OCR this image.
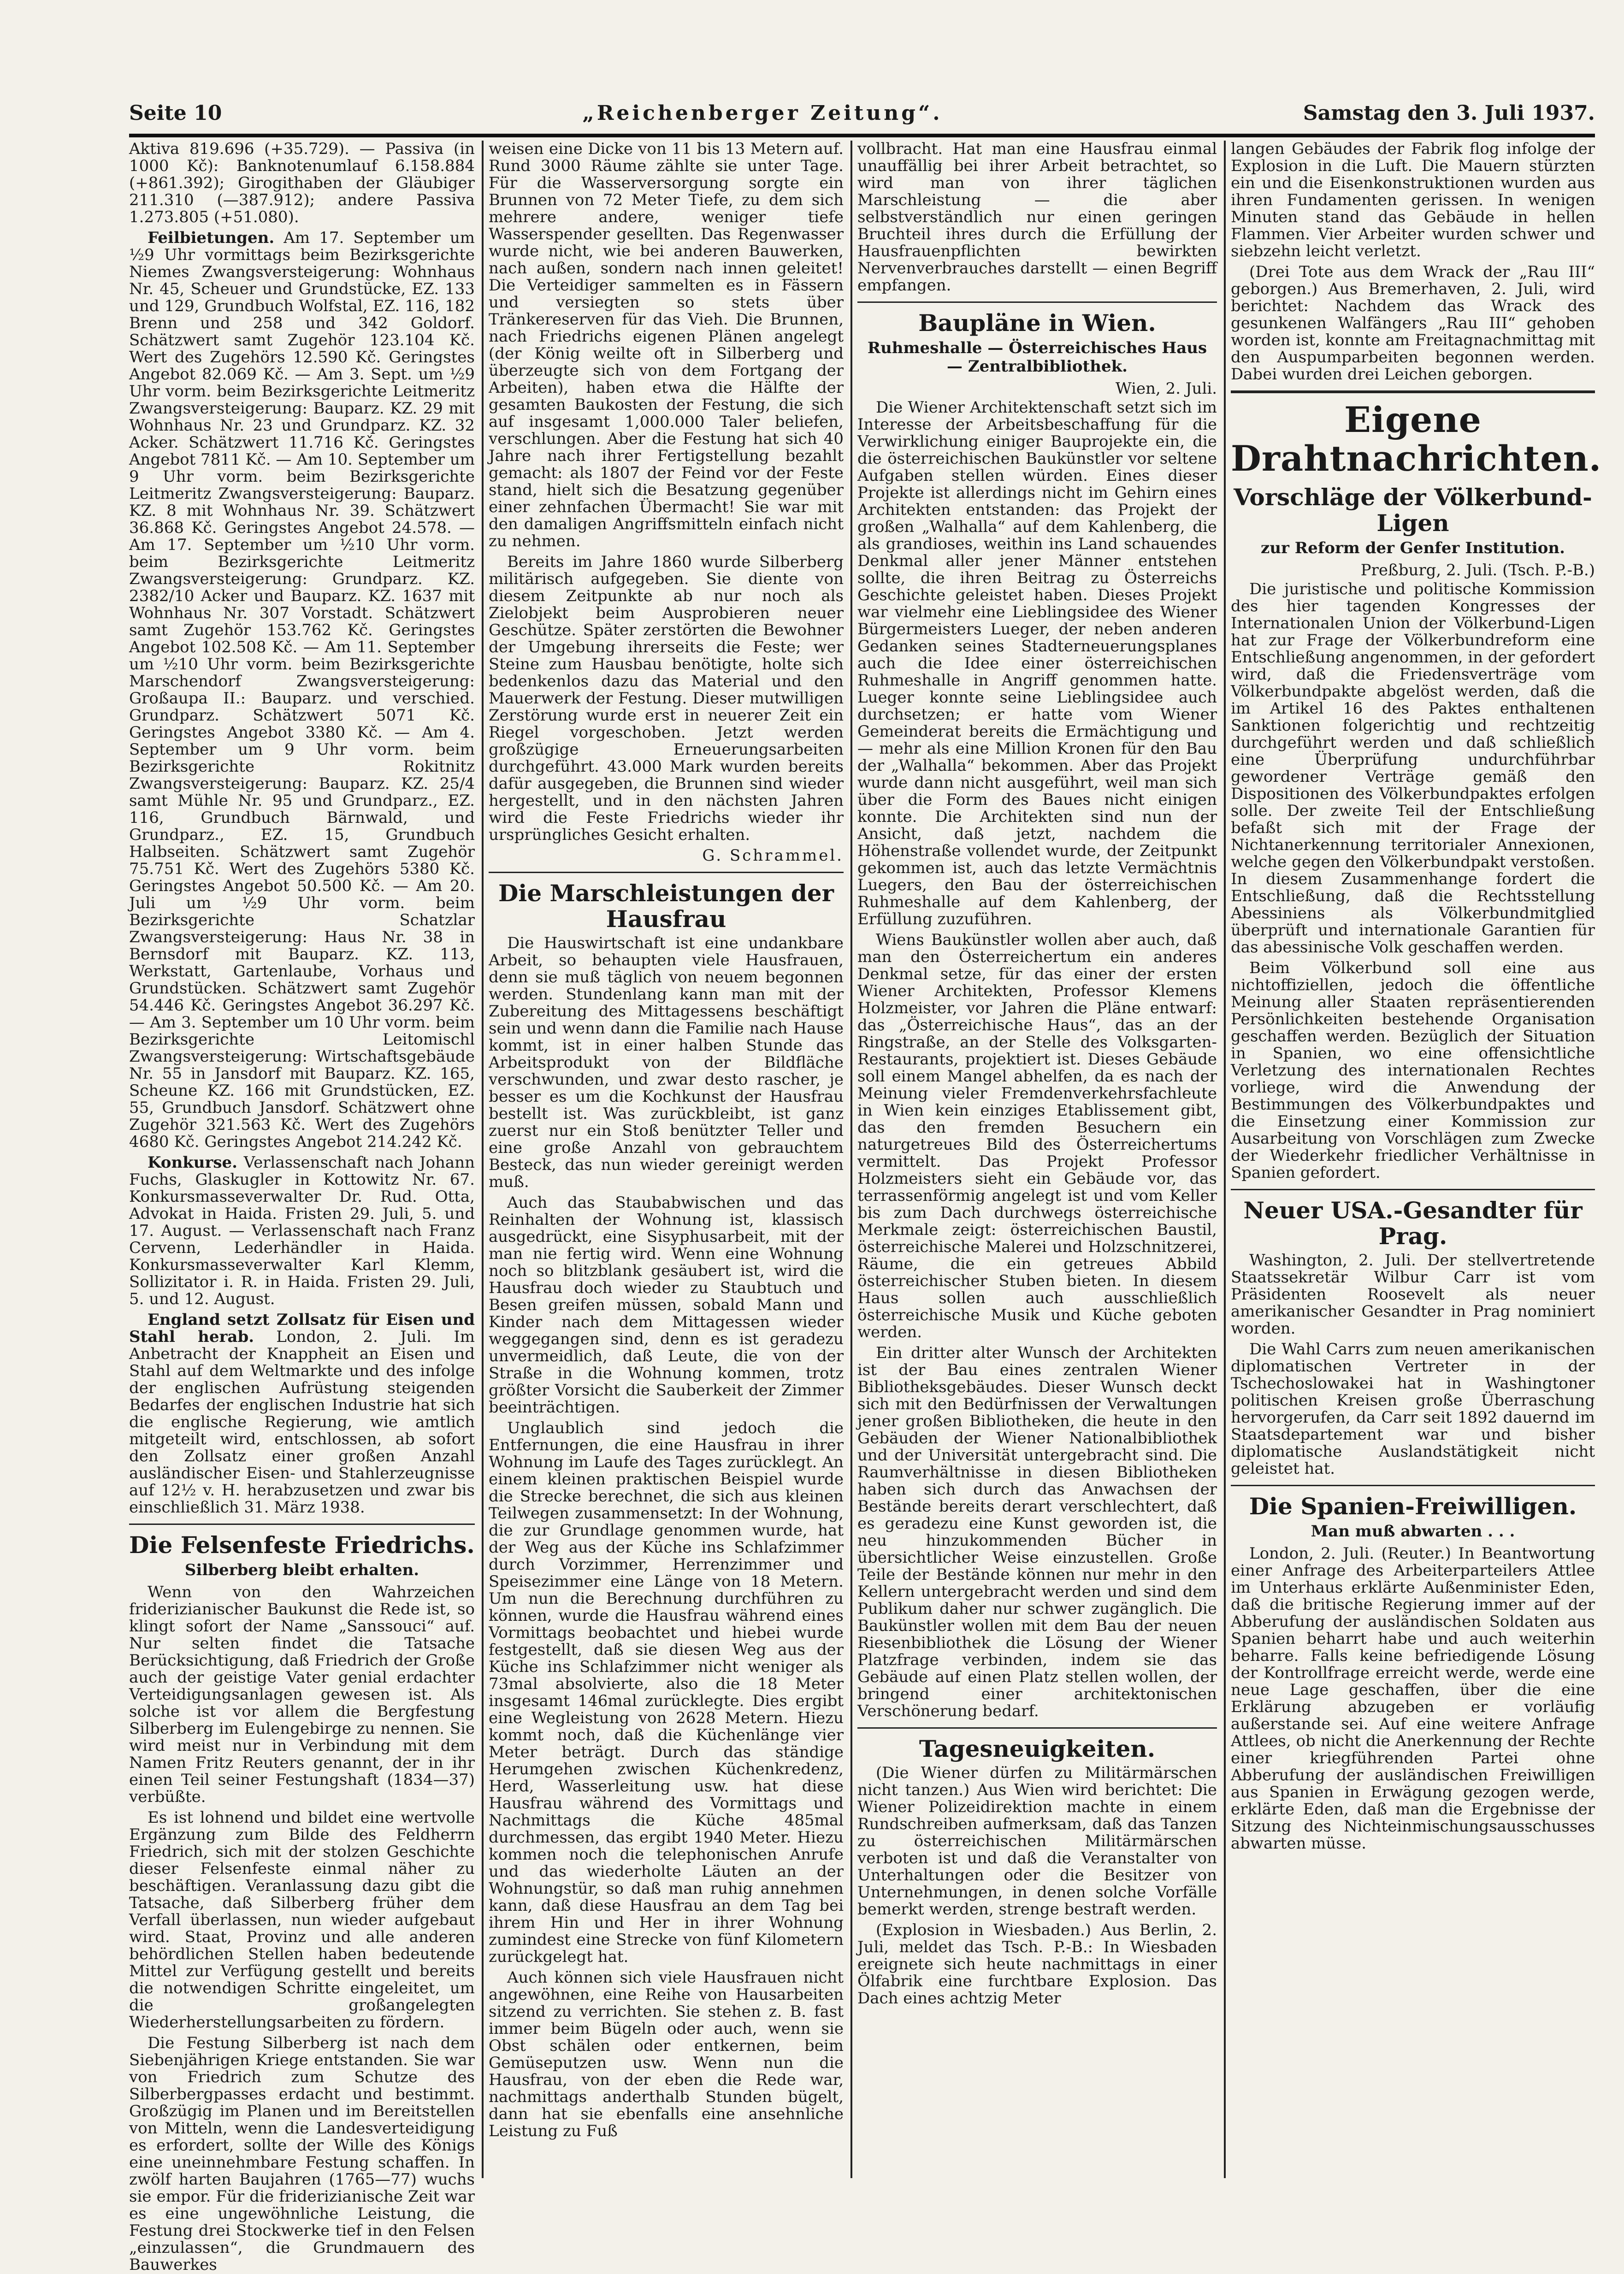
Seite 10	„Reichenberger Zeitung“.	Samstag den 3. Juli 1937.

Aktiva 819.696 (+35.729). — Passiva (in 1000 Kč): Banknotenumlauf 6.158.884 (+861.392); Girogithaben der Gläubiger 211.310 (—387.912); andere Passiva 1.273.805 (+51.080).

Feilbietungen. Am 17. September um ½9 Uhr vormittags beim Bezirksgerichte Niemes Zwangsversteigerung: Wohnhaus Nr. 45, Scheuer und Grundstücke, EZ. 133 und 129, Grundbuch Wolfstal, EZ. 116, 182 Brenn und 258 und 342 Goldorf. Schätzwert samt Zugehör 123.104 Kč. Wert des Zugehörs 12.590 Kč. Geringstes Angebot 82.069 Kč. — Am 3. Sept. um ½9 Uhr vorm. beim Bezirksgerichte Leitmeritz Zwangsversteigerung: Bauparz. KZ. 29 mit Wohnhaus Nr. 23 und Grundparz. KZ. 32 Acker. Schätzwert 11.716 Kč. Geringstes Angebot 7811 Kč. — Am 10. September um 9 Uhr vorm. beim Bezirksgerichte Leitmeritz Zwangsversteigerung: Bauparz. KZ. 8 mit Wohnhaus Nr. 39. Schätzwert 36.868 Kč. Geringstes Angebot 24.578. — Am 17. September um ½10 Uhr vorm. beim Bezirksgerichte Leitmeritz Zwangsversteigerung: Grundparz. KZ. 2382/10 Acker und Bauparz. KZ. 1637 mit Wohnhaus Nr. 307 Vorstadt. Schätzwert samt Zugehör 153.762 Kč. Geringstes Angebot 102.508 Kč. — Am 11. September um ½10 Uhr vorm. beim Bezirksgerichte Marschendorf Zwangsversteigerung: Großaupa II.: Bauparz. und verschied. Grundparz. Schätzwert 5071 Kč. Geringstes Angebot 3380 Kč. — Am 4. September um 9 Uhr vorm. beim Bezirksgerichte Rokitnitz Zwangsversteigerung: Bauparz. KZ. 25/4 samt Mühle Nr. 95 und Grundparz., EZ. 116, Grundbuch Bärnwald, und Grundparz., EZ. 15, Grundbuch Halbseiten. Schätzwert samt Zugehör 75.751 Kč. Wert des Zugehörs 5380 Kč. Geringstes Angebot 50.500 Kč. — Am 20. Juli um ½9 Uhr vorm. beim Bezirksgerichte Schatzlar Zwangsversteigerung: Haus Nr. 38 in Bernsdorf mit Bauparz. KZ. 113, Werkstatt, Gartenlaube, Vorhaus und Grundstücken. Schätzwert samt Zugehör 54.446 Kč. Geringstes Angebot 36.297 Kč. — Am 3. September um 10 Uhr vorm. beim Bezirksgerichte Leitomischl Zwangsversteigerung: Wirtschaftsgebäude Nr. 55 in Jansdorf mit Bauparz. KZ. 165, Scheune KZ. 166 mit Grundstücken, EZ. 55, Grundbuch Jansdorf. Schätzwert ohne Zugehör 321.563 Kč. Wert des Zugehörs 4680 Kč. Geringstes Angebot 214.242 Kč.

Konkurse. Verlassenschaft nach Johann Fuchs, Glaskugler in Kottowitz Nr. 67. Konkursmasseverwalter Dr. Rud. Otta, Advokat in Haida. Fristen 29. Juli, 5. und 17. August. — Verlassenschaft nach Franz Cervenn, Lederhändler in Haida. Konkursmasseverwalter Karl Klemm, Sollizitator i. R. in Haida. Fristen 29. Juli, 5. und 12. August.

England setzt Zollsatz für Eisen und Stahl herab. London, 2. Juli. Im Anbetracht der Knappheit an Eisen und Stahl auf dem Weltmarkte und des infolge der englischen Aufrüstung steigenden Bedarfes der englischen Industrie hat sich die englische Regierung, wie amtlich mitgeteilt wird, entschlossen, ab sofort den Zollsatz einer großen Anzahl ausländischer Eisen- und Stahlerzeugnisse auf 12½ v. H. herabzusetzen und zwar bis einschließlich 31. März 1938.

Die Felsenfeste Friedrichs.
Silberberg bleibt erhalten.

Wenn von den Wahrzeichen friderizianischer Baukunst die Rede ist, so klingt sofort der Name „Sanssouci“ auf. Nur selten findet die Tatsache Berücksichtigung, daß Friedrich der Große auch der geistige Vater genial erdachter Verteidigungsanlagen gewesen ist. Als solche ist vor allem die Bergfestung Silberberg im Eulengebirge zu nennen. Sie wird meist nur in Verbindung mit dem Namen Fritz Reuters genannt, der in ihr einen Teil seiner Festungshaft (1834—37) verbüßte.

Es ist lohnend und bildet eine wertvolle Ergänzung zum Bilde des Feldherrn Friedrich, sich mit der stolzen Geschichte dieser Felsenfeste einmal näher zu beschäftigen. Veranlassung dazu gibt die Tatsache, daß Silberberg früher dem Verfall überlassen, nun wieder aufgebaut wird. Staat, Provinz und alle anderen behördlichen Stellen haben bedeutende Mittel zur Verfügung gestellt und bereits die notwendigen Schritte eingeleitet, um die großangelegten Wiederherstellungsarbeiten zu fördern.

Die Festung Silberberg ist nach dem Siebenjährigen Kriege entstanden. Sie war von Friedrich zum Schutze des Silberbergpasses erdacht und bestimmt. Großzügig im Planen und im Bereitstellen von Mitteln, wenn die Landesverteidigung es erfordert, sollte der Wille des Königs eine uneinnehmbare Festung schaffen. In zwölf harten Baujahren (1765—77) wuchs sie empor. Für die friderizianische Zeit war es eine ungewöhnliche Leistung, die Festung drei Stockwerke tief in den Felsen „einzulassen“, die Grundmauern des Bauwerkes

weisen eine Dicke von 11 bis 13 Metern auf. Rund 3000 Räume zählte sie unter Tage. Für die Wasserversorgung sorgte ein Brunnen von 72 Meter Tiefe, zu dem sich mehrere andere, weniger tiefe Wasserspender gesellten. Das Regenwasser wurde nicht, wie bei anderen Bauwerken, nach außen, sondern nach innen geleitet! Die Verteidiger sammelten es in Fässern und versiegten so stets über Tränkereserven für das Vieh. Die Brunnen, nach Friedrichs eigenen Plänen angelegt (der König weilte oft in Silberberg und überzeugte sich von dem Fortgang der Arbeiten), haben etwa die Hälfte der gesamten Baukosten der Festung, die sich auf insgesamt 1,000.000 Taler beliefen, verschlungen. Aber die Festung hat sich 40 Jahre nach ihrer Fertigstellung bezahlt gemacht: als 1807 der Feind vor der Feste stand, hielt sich die Besatzung gegenüber einer zehnfachen Übermacht! Sie war mit den damaligen Angriffsmitteln einfach nicht zu nehmen.

Bereits im Jahre 1860 wurde Silberberg militärisch aufgegeben. Sie diente von diesem Zeitpunkte ab nur noch als Zielobjekt beim Ausprobieren neuer Geschütze. Später zerstörten die Bewohner der Umgebung ihrerseits die Feste; wer Steine zum Hausbau benötigte, holte sich bedenkenlos dazu das Material und den Mauerwerk der Festung. Dieser mutwilligen Zerstörung wurde erst in neuerer Zeit ein Riegel vorgeschoben. Jetzt werden großzügige Erneuerungsarbeiten durchgeführt. 43.000 Mark wurden bereits dafür ausgegeben, die Brunnen sind wieder hergestellt, und in den nächsten Jahren wird die Feste Friedrichs wieder ihr ursprüngliches Gesicht erhalten.

G. Schrammel.
Die Marschleistungen der Hausfrau

Die Hauswirtschaft ist eine undankbare Arbeit, so behaupten viele Hausfrauen, denn sie muß täglich von neuem begonnen werden. Stundenlang kann man mit der Zubereitung des Mittagessens beschäftigt sein und wenn dann die Familie nach Hause kommt, ist in einer halben Stunde das Arbeitsprodukt von der Bildfläche verschwunden, und zwar desto rascher, je besser es um die Kochkunst der Hausfrau bestellt ist. Was zurückbleibt, ist ganz zuerst nur ein Stoß benützter Teller und eine große Anzahl von gebrauchtem Besteck, das nun wieder gereinigt werden muß.

Auch das Staubabwischen und das Reinhalten der Wohnung ist, klassisch ausgedrückt, eine Sisyphusarbeit, mit der man nie fertig wird. Wenn eine Wohnung noch so blitzblank gesäubert ist, wird die Hausfrau doch wieder zu Staubtuch und Besen greifen müssen, sobald Mann und Kinder nach dem Mittagessen wieder weggegangen sind, denn es ist geradezu unvermeidlich, daß Leute, die von der Straße in die Wohnung kommen, trotz größter Vorsicht die Sauberkeit der Zimmer beeinträchtigen.

Unglaublich sind jedoch die Entfernungen, die eine Hausfrau in ihrer Wohnung im Laufe des Tages zurücklegt. An einem kleinen praktischen Beispiel wurde die Strecke berechnet, die sich aus kleinen Teilwegen zusammensetzt: In der Wohnung, die zur Grundlage genommen wurde, hat der Weg aus der Küche ins Schlafzimmer durch Vorzimmer, Herrenzimmer und Speisezimmer eine Länge von 18 Metern. Um nun die Berechnung durchführen zu können, wurde die Hausfrau während eines Vormittags beobachtet und hiebei wurde festgestellt, daß sie diesen Weg aus der Küche ins Schlafzimmer nicht weniger als 73mal absolvierte, also die 18 Meter insgesamt 146mal zurücklegte. Dies ergibt eine Wegleistung von 2628 Metern. Hiezu kommt noch, daß die Küchenlänge vier Meter beträgt. Durch das ständige Herumgehen zwischen Küchenkredenz, Herd, Wasserleitung usw. hat diese Hausfrau während des Vormittags und Nachmittags die Küche 485mal durchmessen, das ergibt 1940 Meter. Hiezu kommen noch die telephonischen Anrufe und das wiederholte Läuten an der Wohnungstür, so daß man ruhig annehmen kann, daß diese Hausfrau an dem Tag bei ihrem Hin und Her in ihrer Wohnung zumindest eine Strecke von fünf Kilometern zurückgelegt hat.

Auch können sich viele Hausfrauen nicht angewöhnen, eine Reihe von Hausarbeiten sitzend zu verrichten. Sie stehen z. B. fast immer beim Bügeln oder auch, wenn sie Obst schälen oder entkernen, beim Gemüseputzen usw. Wenn nun die Hausfrau, von der eben die Rede war, nachmittags anderthalb Stunden bügelt, dann hat sie ebenfalls eine ansehnliche Leistung zu Fuß

vollbracht. Hat man eine Hausfrau einmal unauffällig bei ihrer Arbeit betrachtet, so wird man von ihrer täglichen Marschleistung — die aber selbstverständlich nur einen geringen Bruchteil ihres durch die Erfüllung der Hausfrauenpflichten bewirkten Nervenverbrauches darstellt — einen Begriff empfangen.

Baupläne in Wien.
Ruhmeshalle — Österreichisches Haus — Zentralbibliothek.
Wien, 2. Juli.

Die Wiener Architektenschaft setzt sich im Interesse der Arbeitsbeschaffung für die Verwirklichung einiger Bauprojekte ein, die die österreichischen Baukünstler vor seltene Aufgaben stellen würden. Eines dieser Projekte ist allerdings nicht im Gehirn eines Architekten entstanden: das Projekt der großen „Walhalla“ auf dem Kahlenberg, die als grandioses, weithin ins Land schauendes Denkmal aller jener Männer entstehen sollte, die ihren Beitrag zu Österreichs Geschichte geleistet haben. Dieses Projekt war vielmehr eine Lieblingsidee des Wiener Bürgermeisters Lueger, der neben anderen Gedanken seines Stadterneuerungsplanes auch die Idee einer österreichischen Ruhmeshalle in Angriff genommen hatte. Lueger konnte seine Lieblingsidee auch durchsetzen; er hatte vom Wiener Gemeinderat bereits die Ermächtigung und — mehr als eine Million Kronen für den Bau der „Walhalla“ bekommen. Aber das Projekt wurde dann nicht ausgeführt, weil man sich über die Form des Baues nicht einigen konnte. Die Architekten sind nun der Ansicht, daß jetzt, nachdem die Höhenstraße vollendet wurde, der Zeitpunkt gekommen ist, auch das letzte Vermächtnis Luegers, den Bau der österreichischen Ruhmeshalle auf dem Kahlenberg, der Erfüllung zuzuführen.

Wiens Baukünstler wollen aber auch, daß man den Österreichertum ein anderes Denkmal setze, für das einer der ersten Wiener Architekten, Professor Klemens Holzmeister, vor Jahren die Pläne entwarf: das „Österreichische Haus“, das an der Ringstraße, an der Stelle des Volksgarten-Restaurants, projektiert ist. Dieses Gebäude soll einem Mangel abhelfen, da es nach der Meinung vieler Fremdenverkehrsfachleute in Wien kein einziges Etablissement gibt, das den fremden Besuchern ein naturgetreues Bild des Österreichertums vermittelt. Das Projekt Professor Holzmeisters sieht ein Gebäude vor, das terrassenförmig angelegt ist und vom Keller bis zum Dach durchwegs österreichische Merkmale zeigt: österreichischen Baustil, österreichische Malerei und Holzschnitzerei, Räume, die ein getreues Abbild österreichischer Stuben bieten. In diesem Haus sollen auch ausschließlich österreichische Musik und Küche geboten werden.

Ein dritter alter Wunsch der Architekten ist der Bau eines zentralen Wiener Bibliotheksgebäudes. Dieser Wunsch deckt sich mit den Bedürfnissen der Verwaltungen jener großen Bibliotheken, die heute in den Gebäuden der Wiener Nationalbibliothek und der Universität untergebracht sind. Die Raumverhältnisse in diesen Bibliotheken haben sich durch das Anwachsen der Bestände bereits derart verschlechtert, daß es geradezu eine Kunst geworden ist, die neu hinzukommenden Bücher in übersichtlicher Weise einzustellen. Große Teile der Bestände können nur mehr in den Kellern untergebracht werden und sind dem Publikum daher nur schwer zugänglich. Die Baukünstler wollen mit dem Bau der neuen Riesenbibliothek die Lösung der Wiener Platzfrage verbinden, indem sie das Gebäude auf einen Platz stellen wollen, der bringend einer architektonischen Verschönerung bedarf.

Tagesneuigkeiten.

(Die Wiener dürfen zu Militärmärschen nicht tanzen.) Aus Wien wird berichtet: Die Wiener Polizeidirektion machte in einem Rundschreiben aufmerksam, daß das Tanzen zu österreichischen Militärmärschen verboten ist und daß die Veranstalter von Unterhaltungen oder die Besitzer von Unternehmungen, in denen solche Vorfälle bemerkt werden, strenge bestraft werden.

(Explosion in Wiesbaden.) Aus Berlin, 2. Juli, meldet das Tsch. P.-B.: In Wiesbaden ereignete sich heute nachmittags in einer Ölfabrik eine furchtbare Explosion. Das Dach eines achtzig Meter

langen Gebäudes der Fabrik flog infolge der Explosion in die Luft. Die Mauern stürzten ein und die Eisenkonstruktionen wurden aus ihren Fundamenten gerissen. In wenigen Minuten stand das Gebäude in hellen Flammen. Vier Arbeiter wurden schwer und siebzehn leicht verletzt.

(Drei Tote aus dem Wrack der „Rau III“ geborgen.) Aus Bremerhaven, 2. Juli, wird berichtet: Nachdem das Wrack des gesunkenen Walfängers „Rau III“ gehoben worden ist, konnte am Freitagnachmittag mit den Auspumparbeiten begonnen werden. Dabei wurden drei Leichen geborgen.

Eigene Drahtnachrichten.
Vorschläge der Völkerbund-Ligen
zur Reform der Genfer Institution.
Preßburg, 2. Juli. (Tsch. P.-B.)

Die juristische und politische Kommission des hier tagenden Kongresses der Internationalen Union der Völkerbund-Ligen hat zur Frage der Völkerbundreform eine Entschließung angenommen, in der gefordert wird, daß die Friedensverträge vom Völkerbundpakte abgelöst werden, daß die im Artikel 16 des Paktes enthaltenen Sanktionen folgerichtig und rechtzeitig durchgeführt werden und daß schließlich eine Überprüfung undurchführbar gewordener Verträge gemäß den Dispositionen des Völkerbundpaktes erfolgen solle. Der zweite Teil der Entschließung befaßt sich mit der Frage der Nichtanerkennung territorialer Annexionen, welche gegen den Völkerbundpakt verstoßen. In diesem Zusammenhange fordert die Entschließung, daß die Rechtsstellung Abessiniens als Völkerbundmitglied überprüft und internationale Garantien für das abessinische Volk geschaffen werden.

Beim Völkerbund soll eine aus nichtoffiziellen, jedoch die öffentliche Meinung aller Staaten repräsentierenden Persönlichkeiten bestehende Organisation geschaffen werden. Bezüglich der Situation in Spanien, wo eine offensichtliche Verletzung des internationalen Rechtes vorliege, wird die Anwendung der Bestimmungen des Völkerbundpaktes und die Einsetzung einer Kommission zur Ausarbeitung von Vorschlägen zum Zwecke der Wiederkehr friedlicher Verhältnisse in Spanien gefordert.

Neuer USA.-Gesandter für Prag.

Washington, 2. Juli. Der stellvertretende Staatssekretär Wilbur Carr ist vom Präsidenten Roosevelt als neuer amerikanischer Gesandter in Prag nominiert worden.

Die Wahl Carrs zum neuen amerikanischen diplomatischen Vertreter in der Tschechoslowakei hat in Washingtoner politischen Kreisen große Überraschung hervorgerufen, da Carr seit 1892 dauernd im Staatsdepartement war und bisher diplomatische Auslandstätigkeit nicht geleistet hat.

Die Spanien-Freiwilligen.
Man muß abwarten . . .

London, 2. Juli. (Reuter.) In Beantwortung einer Anfrage des Arbeiterparteilers Attlee im Unterhaus erklärte Außenminister Eden, daß die britische Regierung immer auf der Abberufung der ausländischen Soldaten aus Spanien beharrt habe und auch weiterhin beharre. Falls keine befriedigende Lösung der Kontrollfrage erreicht werde, werde eine neue Lage geschaffen, über die eine Erklärung abzugeben er vorläufig außerstande sei. Auf eine weitere Anfrage Attlees, ob nicht die Anerkennung der Rechte einer kriegführenden Partei ohne Abberufung der ausländischen Freiwilligen aus Spanien in Erwägung gezogen werde, erklärte Eden, daß man die Ergebnisse der Sitzung des Nichteinmischungsausschusses abwarten müsse.
